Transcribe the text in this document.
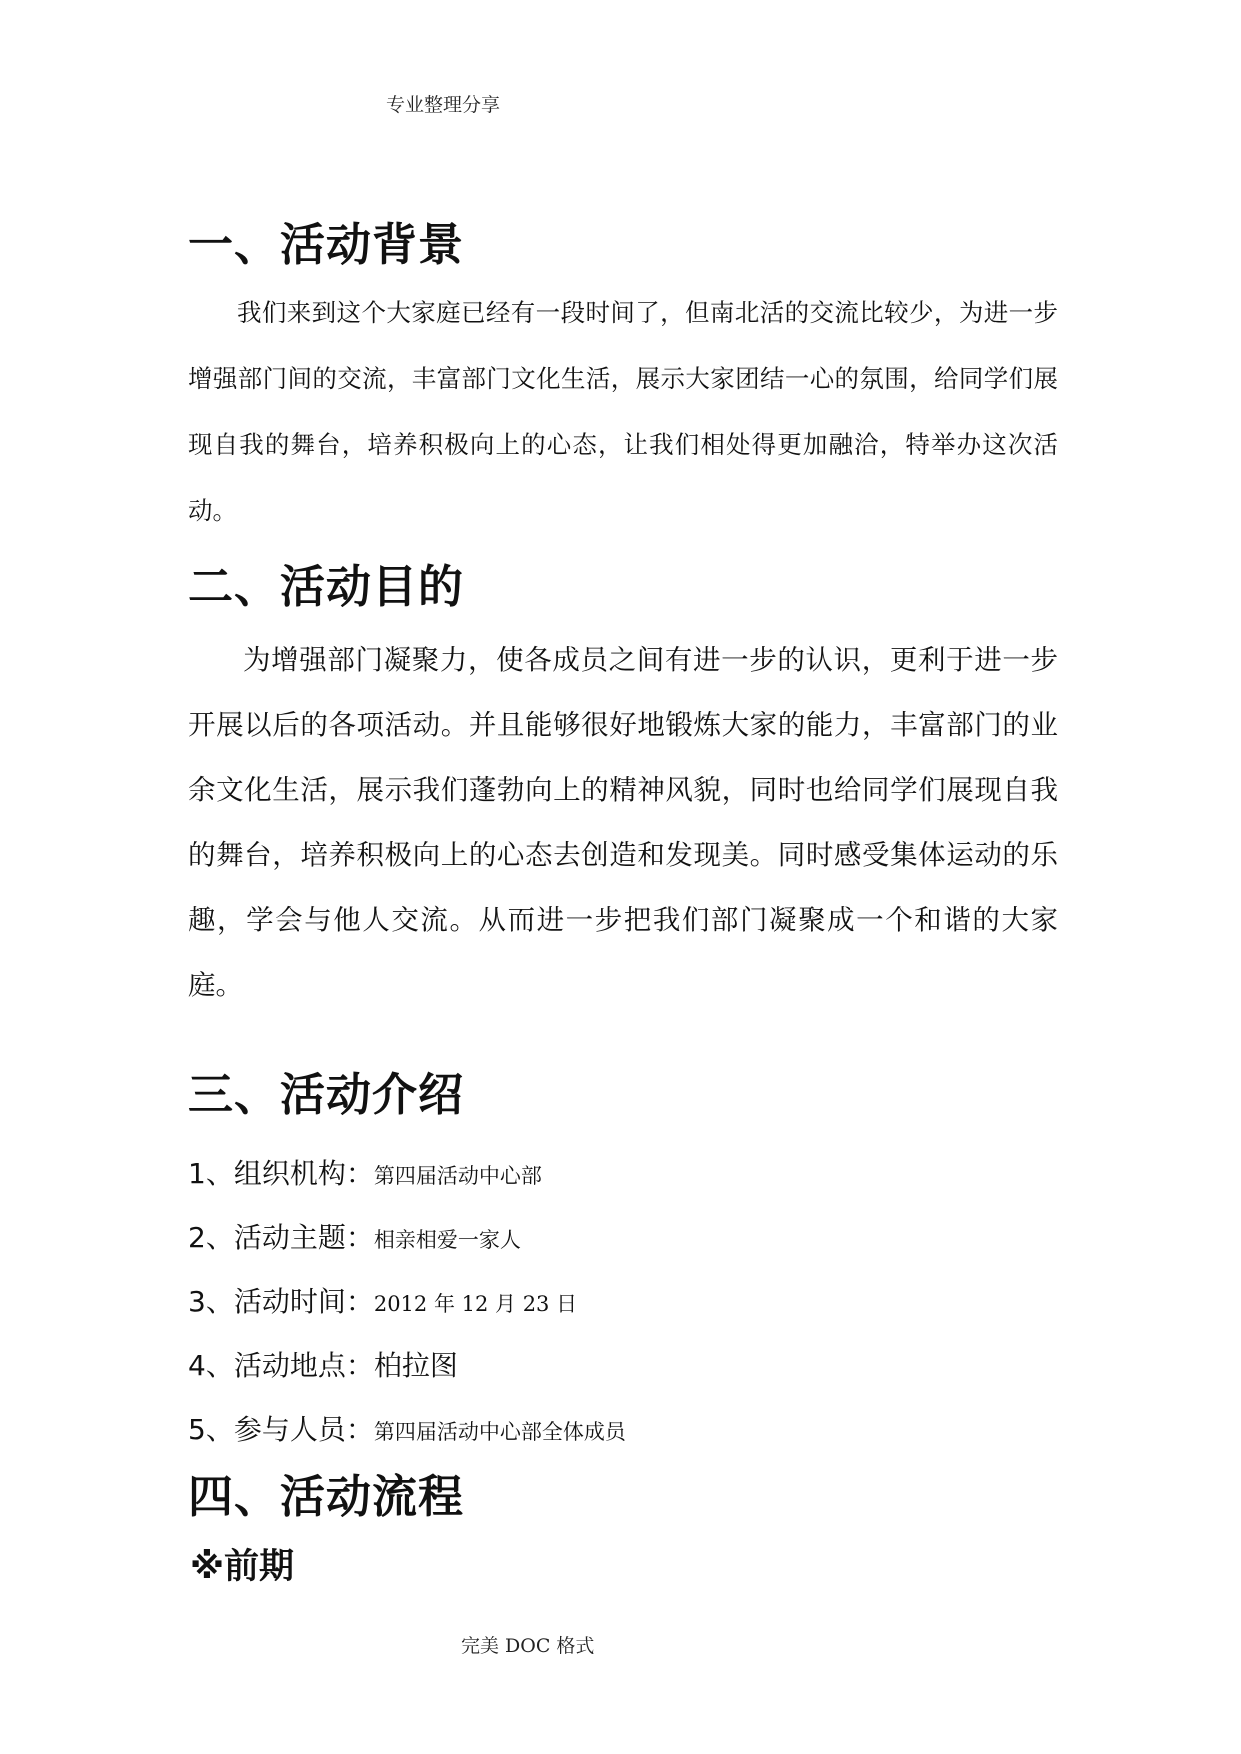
专业整理分享
一、活动背景

我们来到这个大家庭已经有一段时间了，但南北活的交流比较少，为进一步增强部门间的交流，丰富部门文化生活，展示大家团结一心的氛围，给同学们展现自我的舞台，培养积极向上的心态，让我们相处得更加融洽，特举办这次活动。

二、活动目的

为增强部门凝聚力，使各成员之间有进一步的认识，更利于进一步开展以后的各项活动。并且能够很好地锻炼大家的能力，丰富部门的业余文化生活，展示我们蓬勃向上的精神风貌，同时也给同学们展现自我的舞台，培养积极向上的心态去创造和发现美。同时感受集体运动的乐趣，学会与他人交流。从而进一步把我们部门凝聚成一个和谐的大家庭。

三、活动介绍
1、组织机构：第四届活动中心部
2、活动主题：相亲相爱一家人
3、活动时间：2012 年 12 月 23 日
4、活动地点：柏拉图
5、参与人员：第四届活动中心部全体成员
四、活动流程
※前期
完美 DOC 格式
